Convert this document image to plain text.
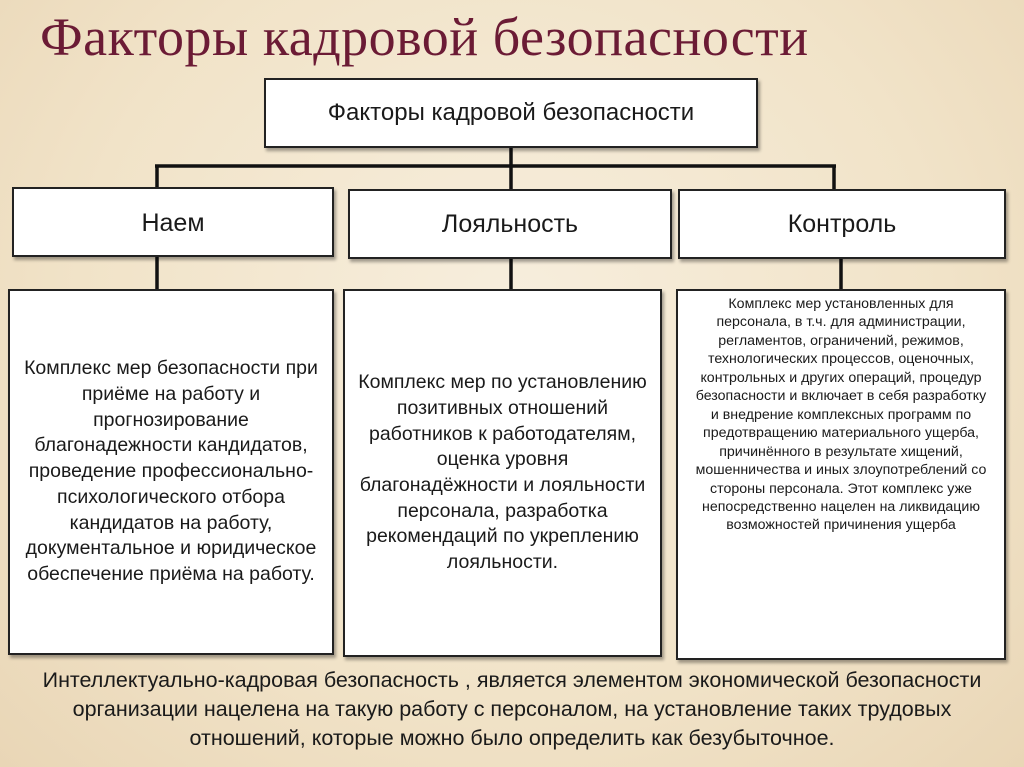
Факторы кадровой безопасности
Факторы кадровой безопасности
Наем	Лояльность	Контроль
Комплекс мер безопасности при приёме на работу и прогнозирование благонадежности кандидатов, проведение профессионально-психологического отбора кандидатов на работу, документальное и юридическое обеспечение приёма на работу.
Комплекс мер по установлению позитивных отношений работников к работодателям, оценка уровня благонадёжности и лояльности персонала, разработка рекомендаций по укреплению лояльности.
Комплекс мер установленных для персонала, в т.ч. для администрации, регламентов, ограничений, режимов, технологических процессов, оценочных, контрольных и других операций, процедур безопасности и включает в себя разработку и внедрение комплексных программ по предотвращению материального ущерба, причинённого в результате хищений, мошенничества и иных злоупотреблений со стороны персонала. Этот комплекс уже непосредственно нацелен на ликвидацию возможностей причинения ущерба
Интеллектуально-кадровая безопасность , является элементом экономической безопасности организации нацелена на такую работу с персоналом, на установление таких трудовых отношений, которые можно было определить как безубыточное.
